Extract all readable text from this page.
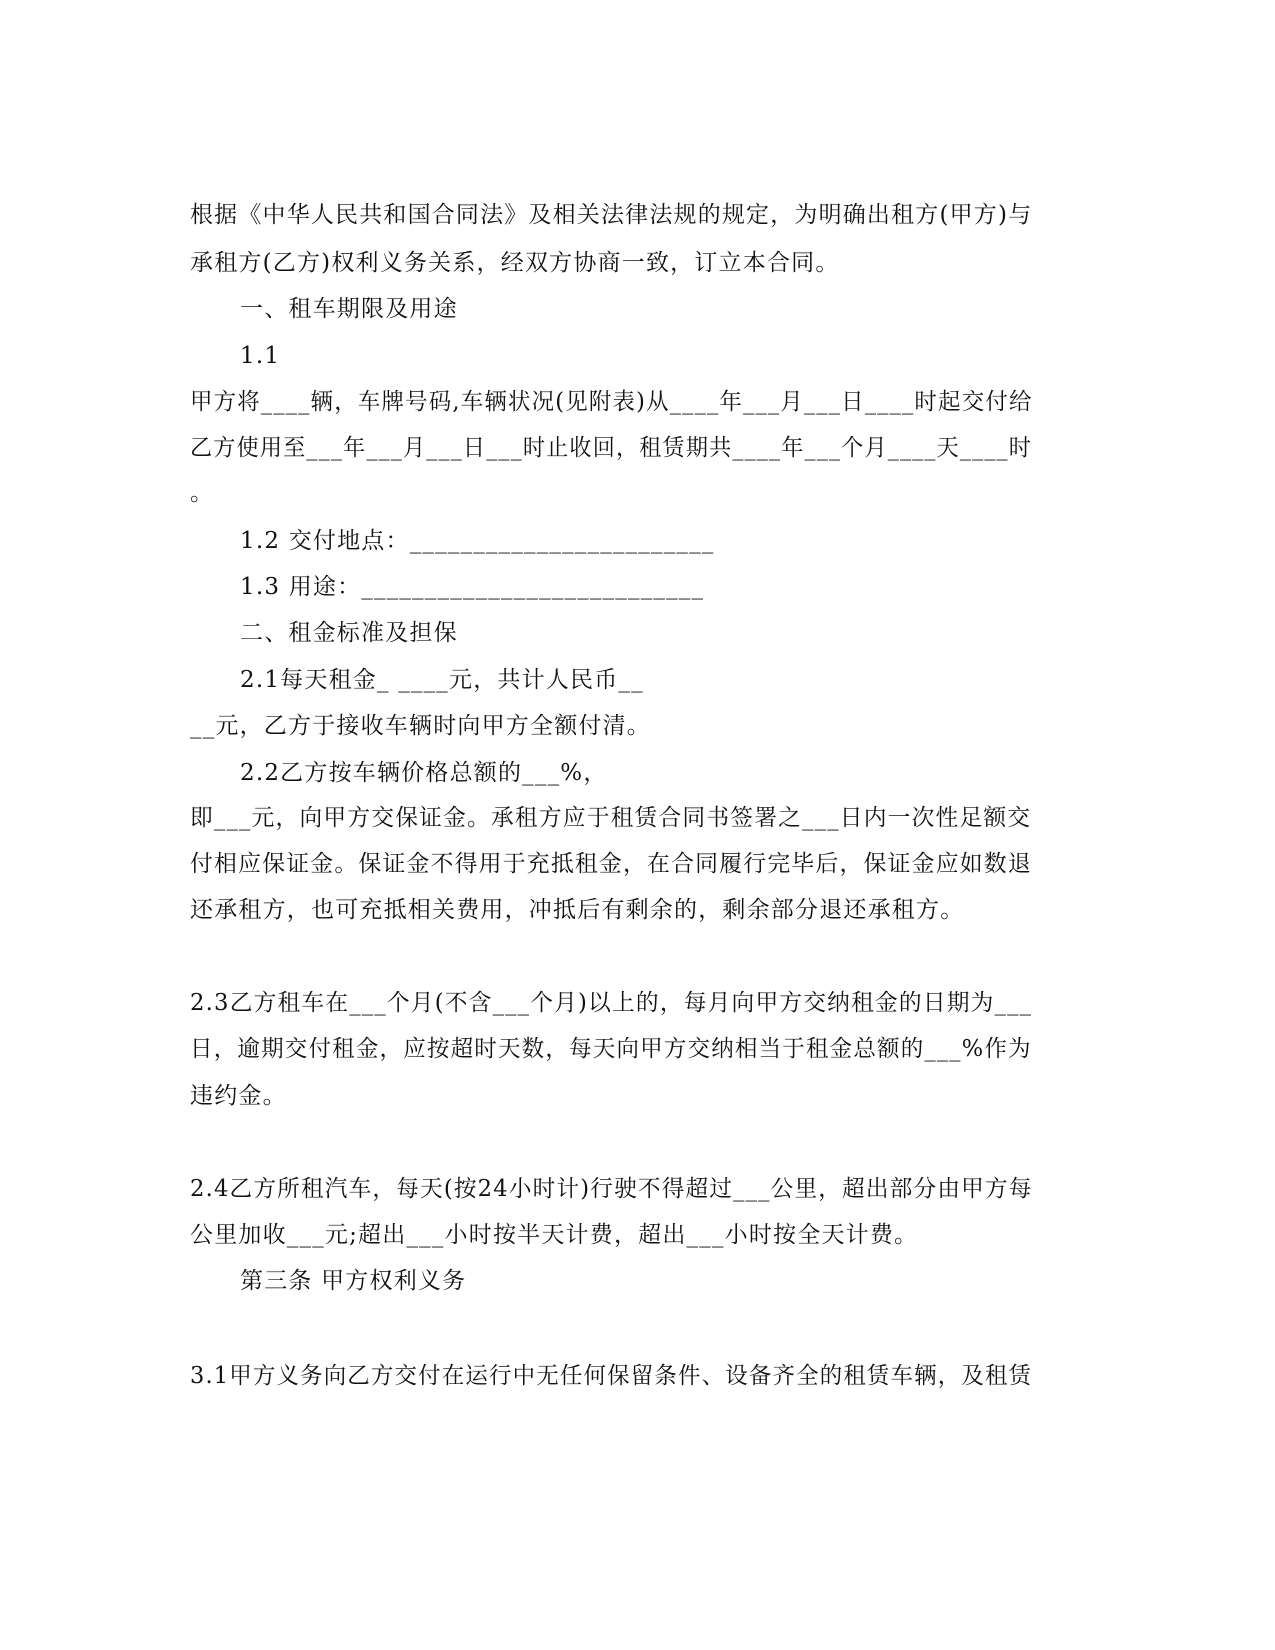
根据《中华人民共和国合同法》及相关法律法规的规定，为明确出租方(甲方)与
承租方(乙方)权利义务关系，经双方协商一致，订立本合同。
一、租车期限及用途
1.1
甲方将____辆，车牌号码,车辆状况(见附表)从____年___月___日____时起交付给
乙方使用至___年___月___日___时止收回，租赁期共____年___个月____天____时
。
1.2 交付地点：________________________
1.3 用途：___________________________
二、租金标准及担保
2.1每天租金_ ____元，共计人民币__
__元，乙方于接收车辆时向甲方全额付清。
2.2乙方按车辆价格总额的___%，
即___元，向甲方交保证金。承租方应于租赁合同书签署之___日内一次性足额交
付相应保证金。保证金不得用于充抵租金，在合同履行完毕后，保证金应如数退
还承租方，也可充抵相关费用，冲抵后有剩余的，剩余部分退还承租方。
2.3乙方租车在___个月(不含___个月)以上的，每月向甲方交纳租金的日期为___
日，逾期交付租金，应按超时天数，每天向甲方交纳相当于租金总额的___%作为
违约金。
2.4乙方所租汽车，每天(按24小时计)行驶不得超过___公里，超出部分由甲方每
公里加收___元;超出___小时按半天计费，超出___小时按全天计费。
第三条 甲方权利义务
3.1甲方义务向乙方交付在运行中无任何保留条件、设备齐全的租赁车辆，及租赁
